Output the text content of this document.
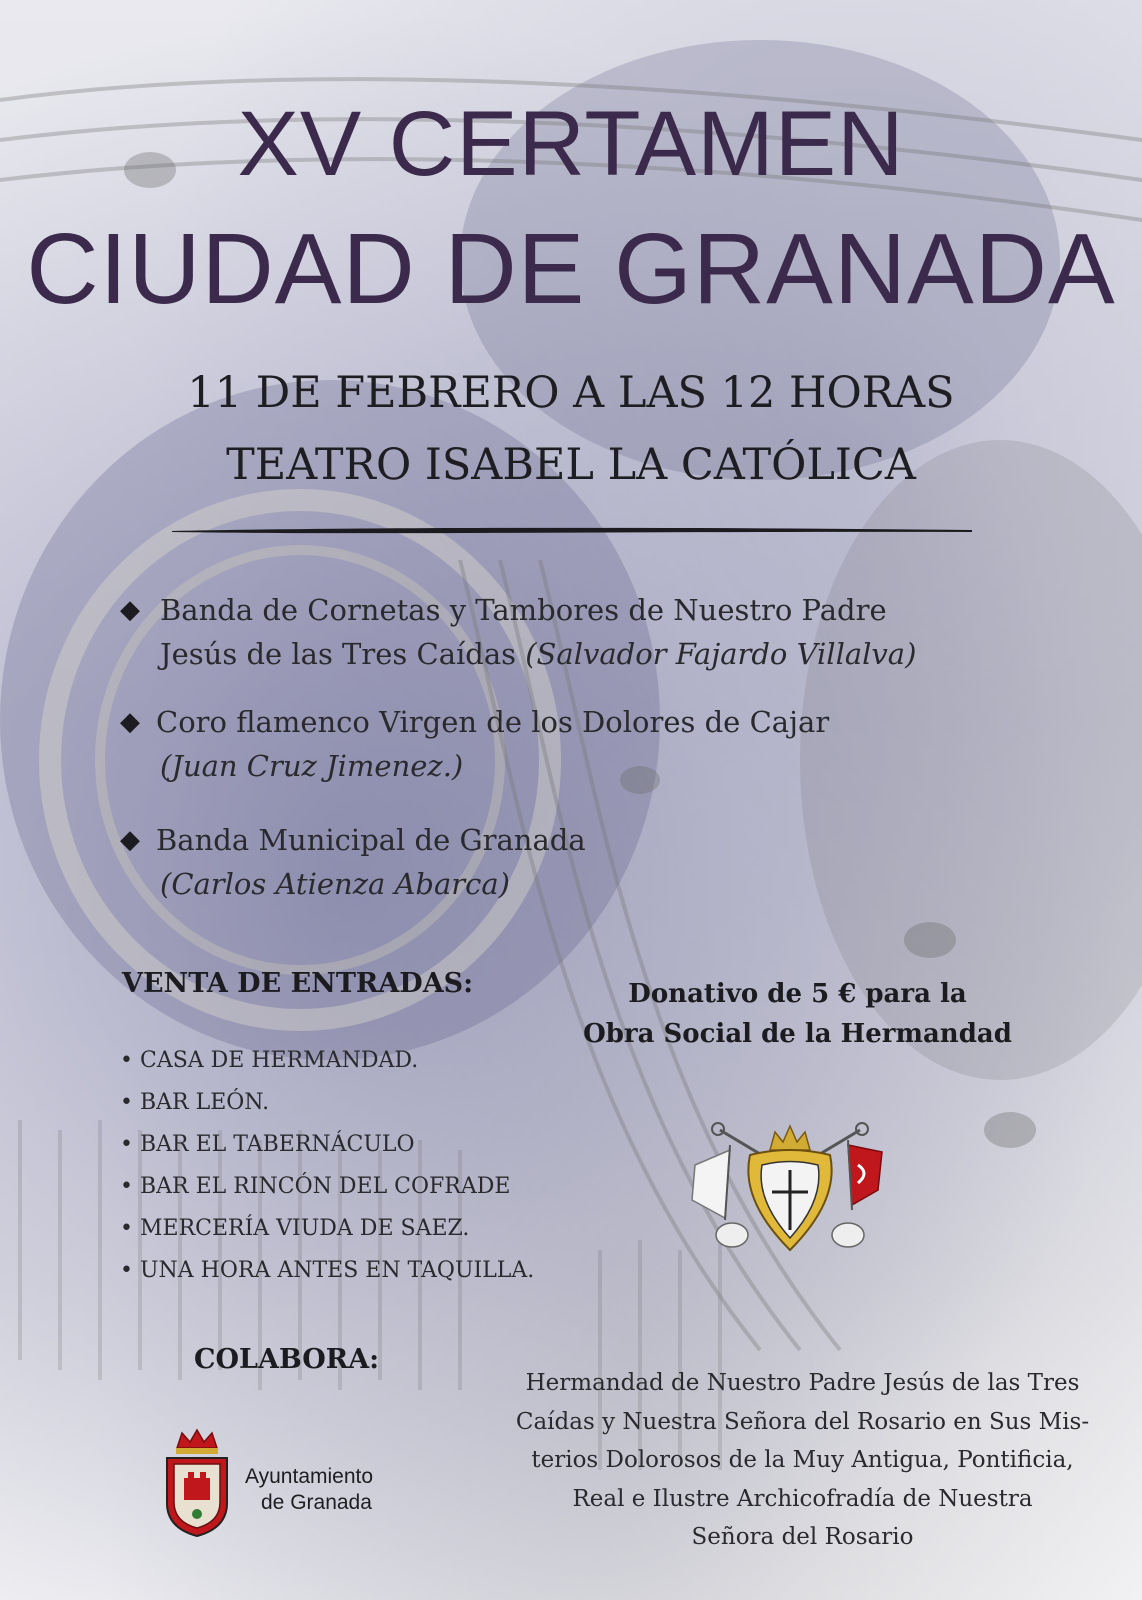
XV CERTAMEN
CIUDAD DE GRANADA
11 DE FEBRERO A LAS 12 HORAS
TEATRO ISABEL LA CATÓLICA
◆ Banda de Cornetas y Tambores de Nuestro Padre
Jesús de las Tres Caídas (Salvador Fajardo Villalva)
◆ Coro flamenco Virgen de los Dolores de Cajar
(Juan Cruz Jimenez.)
◆ Banda Municipal de Granada
(Carlos Atienza Abarca)
VENTA DE ENTRADAS:
• CASA DE HERMANDAD.
• BAR LEÓN.
• BAR EL TABERNÁCULO
• BAR EL RINCÓN DEL COFRADE
• MERCERÍA VIUDA DE SAEZ.
• UNA HORA ANTES EN TAQUILLA.
Donativo de 5 € para la
Obra Social de la Hermandad
COLABORA:
Ayuntamiento
de Granada
Hermandad de Nuestro Padre Jesús de las Tres
Caídas y Nuestra Señora del Rosario en Sus Mis-
terios Dolorosos de la Muy Antigua, Pontificia,
Real e Ilustre Archicofradía de Nuestra
Señora del Rosario
